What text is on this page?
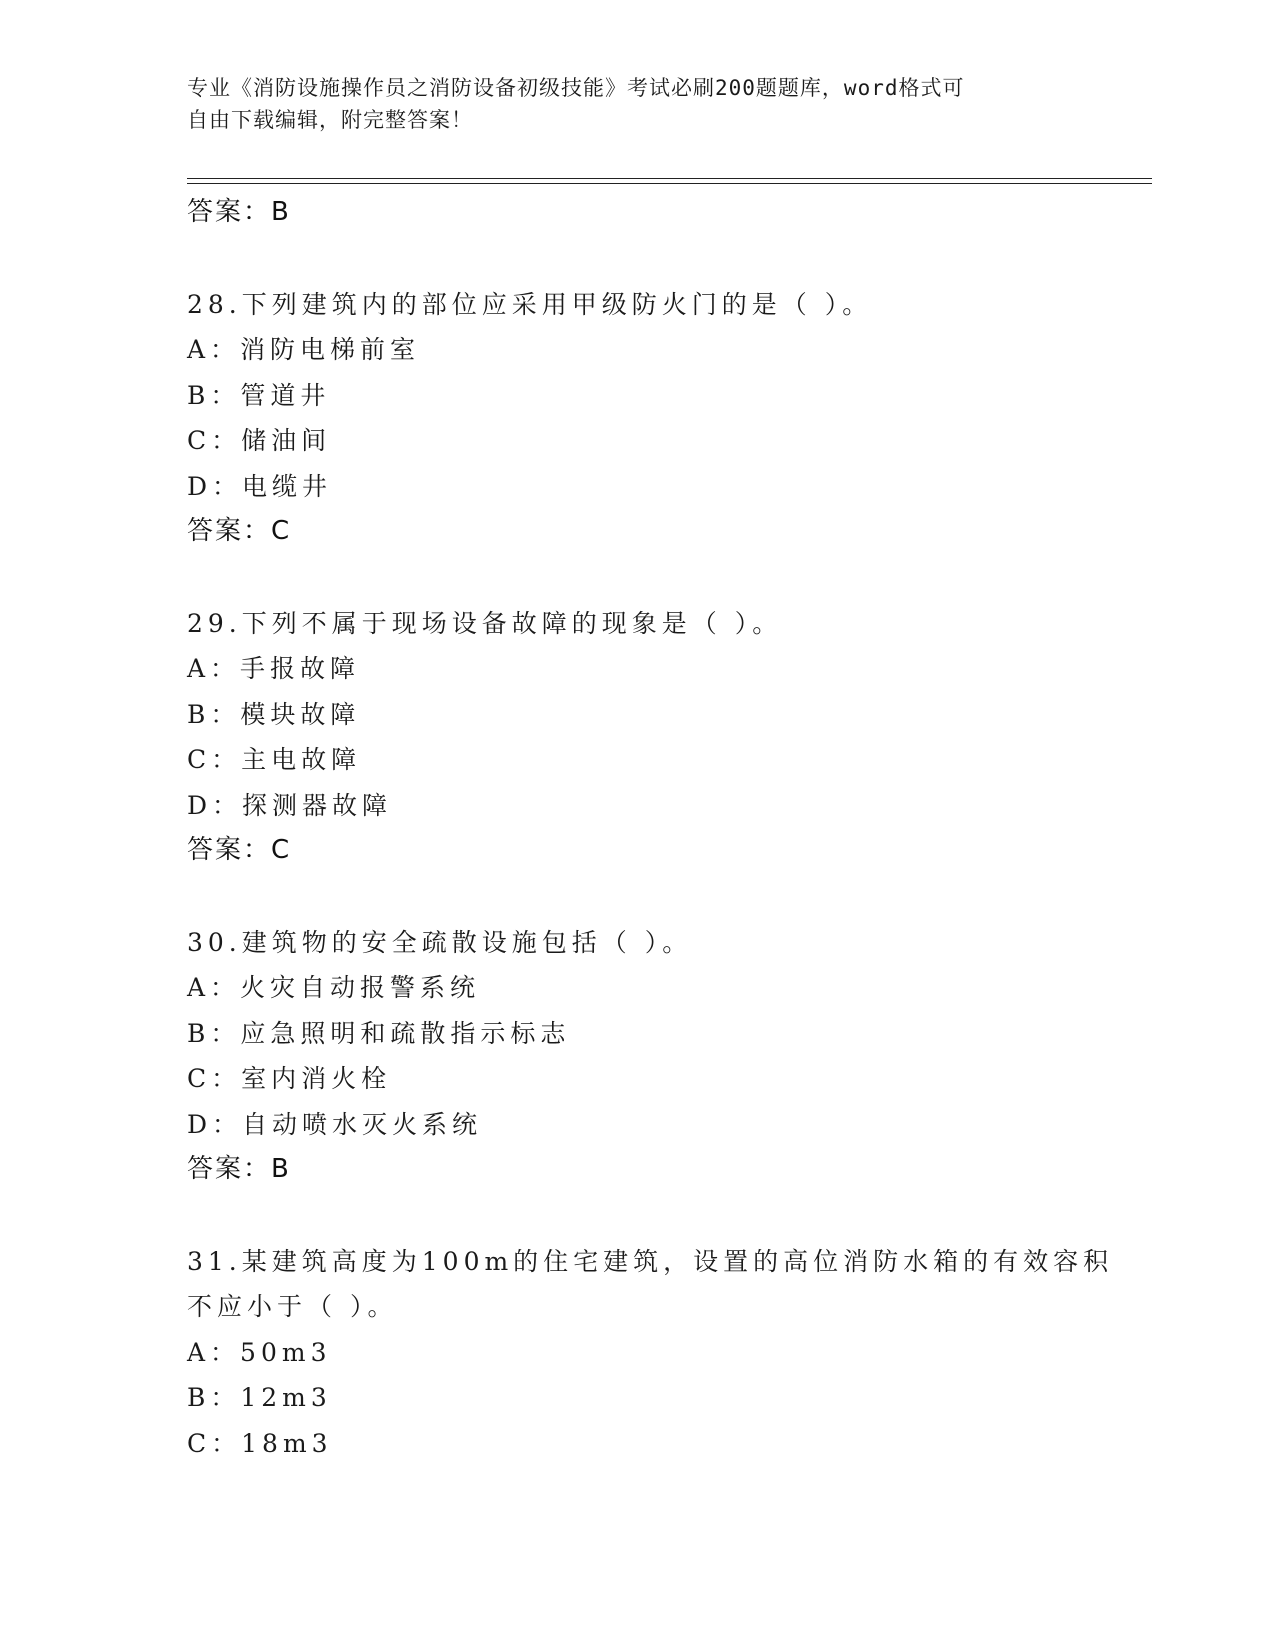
专业《消防设施操作员之消防设备初级技能》考试必刷200题题库，word格式可
自由下载编辑，附完整答案！
答案：B
28.下列建筑内的部位应采用甲级防火门的是（ ）。
A：消防电梯前室
B：管道井
C：储油间
D：电缆井
答案：C
29.下列不属于现场设备故障的现象是（ ）。
A：手报故障
B：模块故障
C：主电故障
D：探测器故障
答案：C
30.建筑物的安全疏散设施包括（ ）。
A：火灾自动报警系统
B：应急照明和疏散指示标志
C：室内消火栓
D：自动喷水灭火系统
答案：B
31.某建筑高度为100m的住宅建筑，设置的高位消防水箱的有效容积
不应小于（ ）。
A：50m3
B：12m3
C：18m3
